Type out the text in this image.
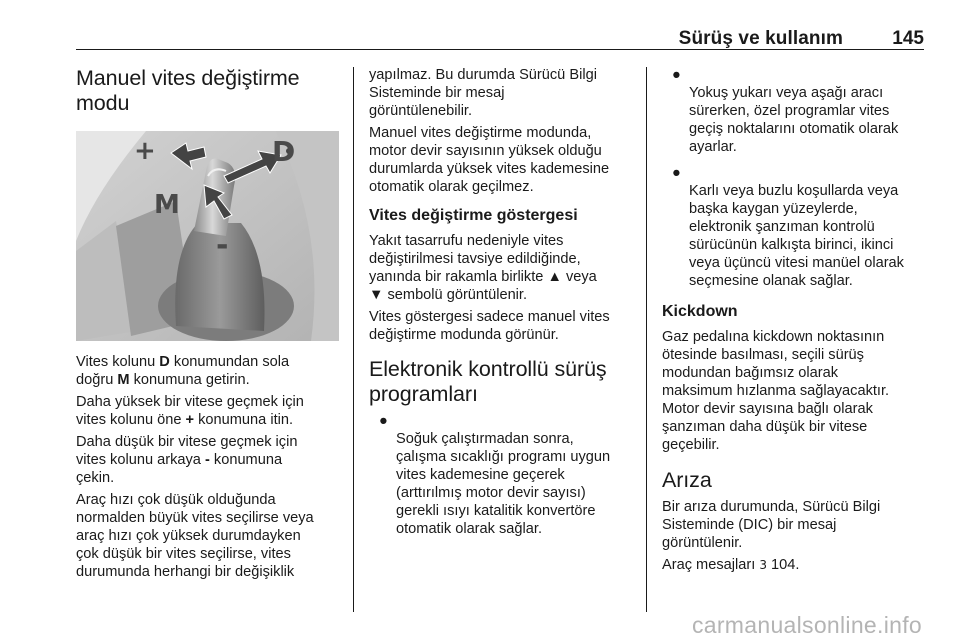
Sürüş ve kullanım	145
Manuel vites değiştirme
modu
+	D
M
-

Vites kolunu D konumundan sola
doğru M konumuna getirin.

Daha yüksek bir vitese geçmek için
vites kolunu öne + konumuna itin.

Daha düşük bir vitese geçmek için
vites kolunu arkaya - konumuna
çekin.

Araç hızı çok düşük olduğunda
normalden büyük vites seçilirse veya
araç hızı çok yüksek durumdayken
çok düşük bir vites seçilirse, vites
durumunda herhangi bir değişiklik

yapılmaz. Bu durumda Sürücü Bilgi
Sisteminde bir mesaj
görüntülenebilir.

Manuel vites değiştirme modunda,
motor devir sayısının yüksek olduğu
durumlarda yüksek vites kademesine
otomatik olarak geçilmez.

Vites değiştirme göstergesi

Yakıt tasarrufu nedeniyle vites
değiştirilmesi tavsiye edildiğinde,
yanında bir rakamla birlikte ▲ veya
▼ sembolü görüntülenir.

Vites göstergesi sadece manuel vites
değiştirme modunda görünür.

Elektronik kontrollü sürüş
programları

●
Soğuk çalıştırmadan sonra,
çalışma sıcaklığı programı uygun
vites kademesine geçerek
(arttırılmış motor devir sayısı)
gerekli ısıyı katalitik konvertöre
otomatik olarak sağlar.

●
Yokuş yukarı veya aşağı aracı
sürerken, özel programlar vites
geçiş noktalarını otomatik olarak
ayarlar.

●
Karlı veya buzlu koşullarda veya
başka kaygan yüzeylerde,
elektronik şanzıman kontrolü
sürücünün kalkışta birinci, ikinci
veya üçüncü vitesi manüel olarak
seçmesine olanak sağlar.

Kickdown

Gaz pedalına kickdown noktasının
ötesinde basılması, seçili sürüş
modundan bağımsız olarak
maksimum hızlanma sağlayacaktır.
Motor devir sayısına bağlı olarak
şanzıman daha düşük bir vitese
geçebilir.

Arıza

Bir arıza durumunda, Sürücü Bilgi
Sisteminde (DIC) bir mesaj
görüntülenir.

Araç mesajları 3 104.

carmanualsonline.info
